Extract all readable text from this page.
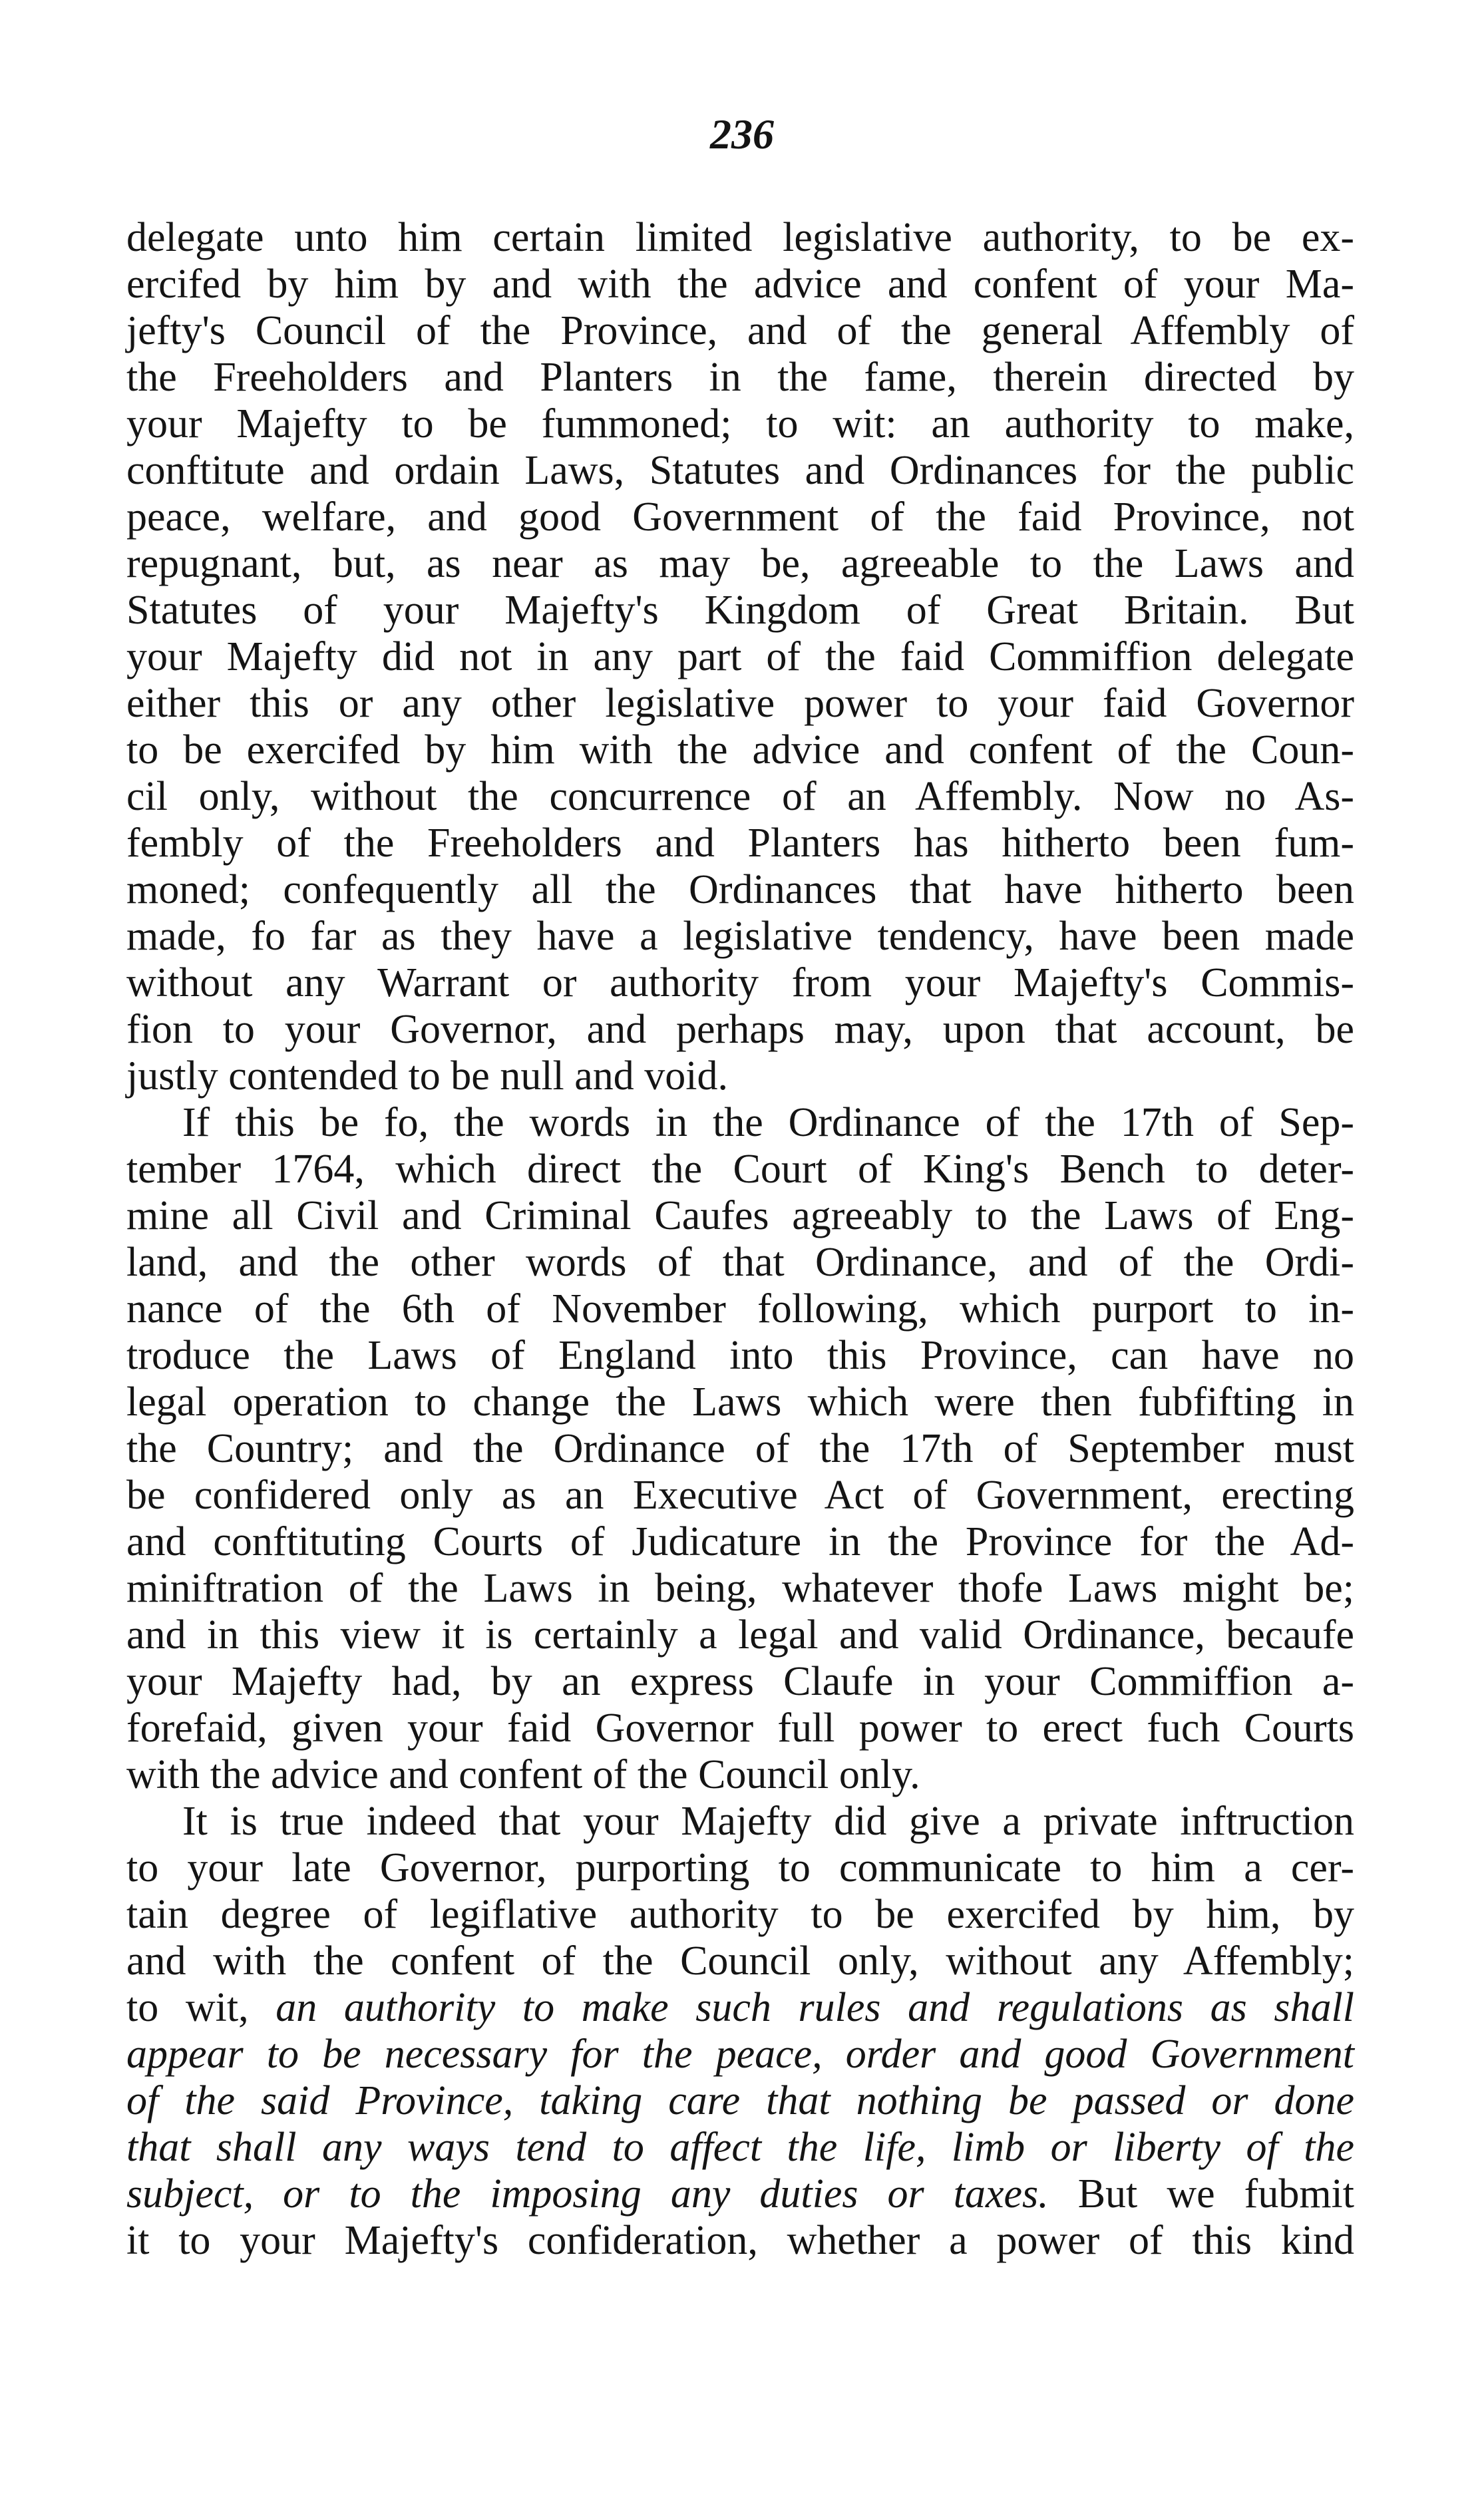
236
delegate unto him certain limited legislative authority, to be ex-
ercifed by him by and with the advice and confent of your Ma-
jefty's Council of the Province, and of the general Affembly of
the Freeholders and Planters in the fame, therein directed by
your Majefty to be fummoned; to wit: an authority to make,
conftitute and ordain Laws, Statutes and Ordinances for the public
peace, welfare, and good Government of the faid Province, not
repugnant, but, as near as may be, agreeable to the Laws and
Statutes of your Majefty's Kingdom of Great Britain. But
your Majefty did not in any part of the faid Commiffion delegate
either this or any other legislative power to your faid Governor
to be exercifed by him with the advice and confent of the Coun-
cil only, without the concurrence of an Affembly. Now no As-
fembly of the Freeholders and Planters has hitherto been fum-
moned; confequently all the Ordinances that have hitherto been
made, fo far as they have a legislative tendency, have been made
without any Warrant or authority from your Majefty's Commis-
fion to your Governor, and perhaps may, upon that account, be
justly contended to be null and void.
If this be fo, the words in the Ordinance of the 17th of Sep-
tember 1764, which direct the Court of King's Bench to deter-
mine all Civil and Criminal Caufes agreeably to the Laws of Eng-
land, and the other words of that Ordinance, and of the Ordi-
nance of the 6th of November following, which purport to in-
troduce the Laws of England into this Province, can have no
legal operation to change the Laws which were then fubfifting in
the Country; and the Ordinance of the 17th of September must
be confidered only as an Executive Act of Government, erecting
and conftituting Courts of Judicature in the Province for the Ad-
miniftration of the Laws in being, whatever thofe Laws might be;
and in this view it is certainly a legal and valid Ordinance, becaufe
your Majefty had, by an express Claufe in your Commiffion a-
forefaid, given your faid Governor full power to erect fuch Courts
with the advice and confent of the Council only.
It is true indeed that your Majefty did give a private inftruction
to your late Governor, purporting to communicate to him a cer-
tain degree of legiflative authority to be exercifed by him, by
and with the confent of the Council only, without any Affembly;
to wit, an authority to make such rules and regulations as shall
appear to be necessary for the peace, order and good Government
of the said Province, taking care that nothing be passed or done
that shall any ways tend to affect the life, limb or liberty of the
subject, or to the imposing any duties or taxes. But we fubmit
it to your Majefty's confideration, whether a power of this kind
